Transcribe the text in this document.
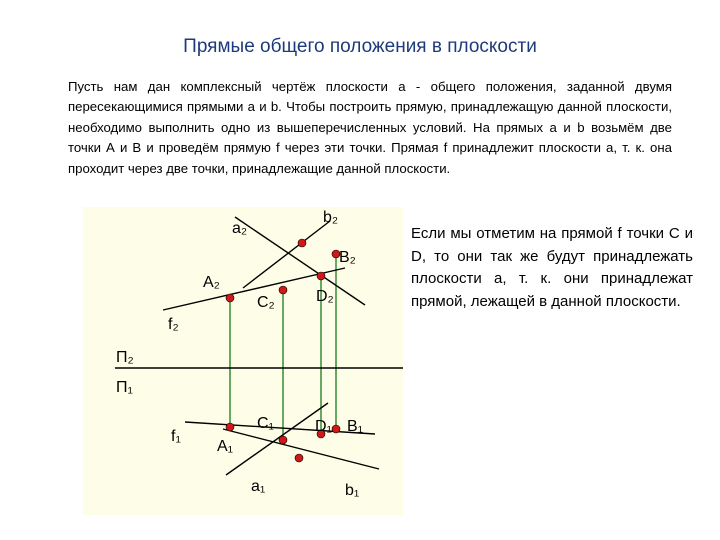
Прямые общего положения в плоскости

Пусть нам дан комплексный чертёж плоскости а - общего положения, заданной двумя пересекающимися прямыми а и b. Чтобы построить прямую, принадлежащую данной плоскости, необходимо выполнить одно из вышеперечисленных условий. На прямых а и b возьмём две точки А и В и проведём прямую f через эти точки. Прямая f принадлежит плоскости а, т. к. она проходит через две точки, принадлежащие данной плоскости.

a₂
b₂
B₂
A₂
C₂	D₂
f₂
П₂
П₁
C₁	D₁ B₁
f₁
A₁
a₁	b₁

Если мы отметим на прямой f точки С и D, то они так же будут принадлежать плоскости а, т. к. они принадлежат прямой, лежащей в данной плоскости.
